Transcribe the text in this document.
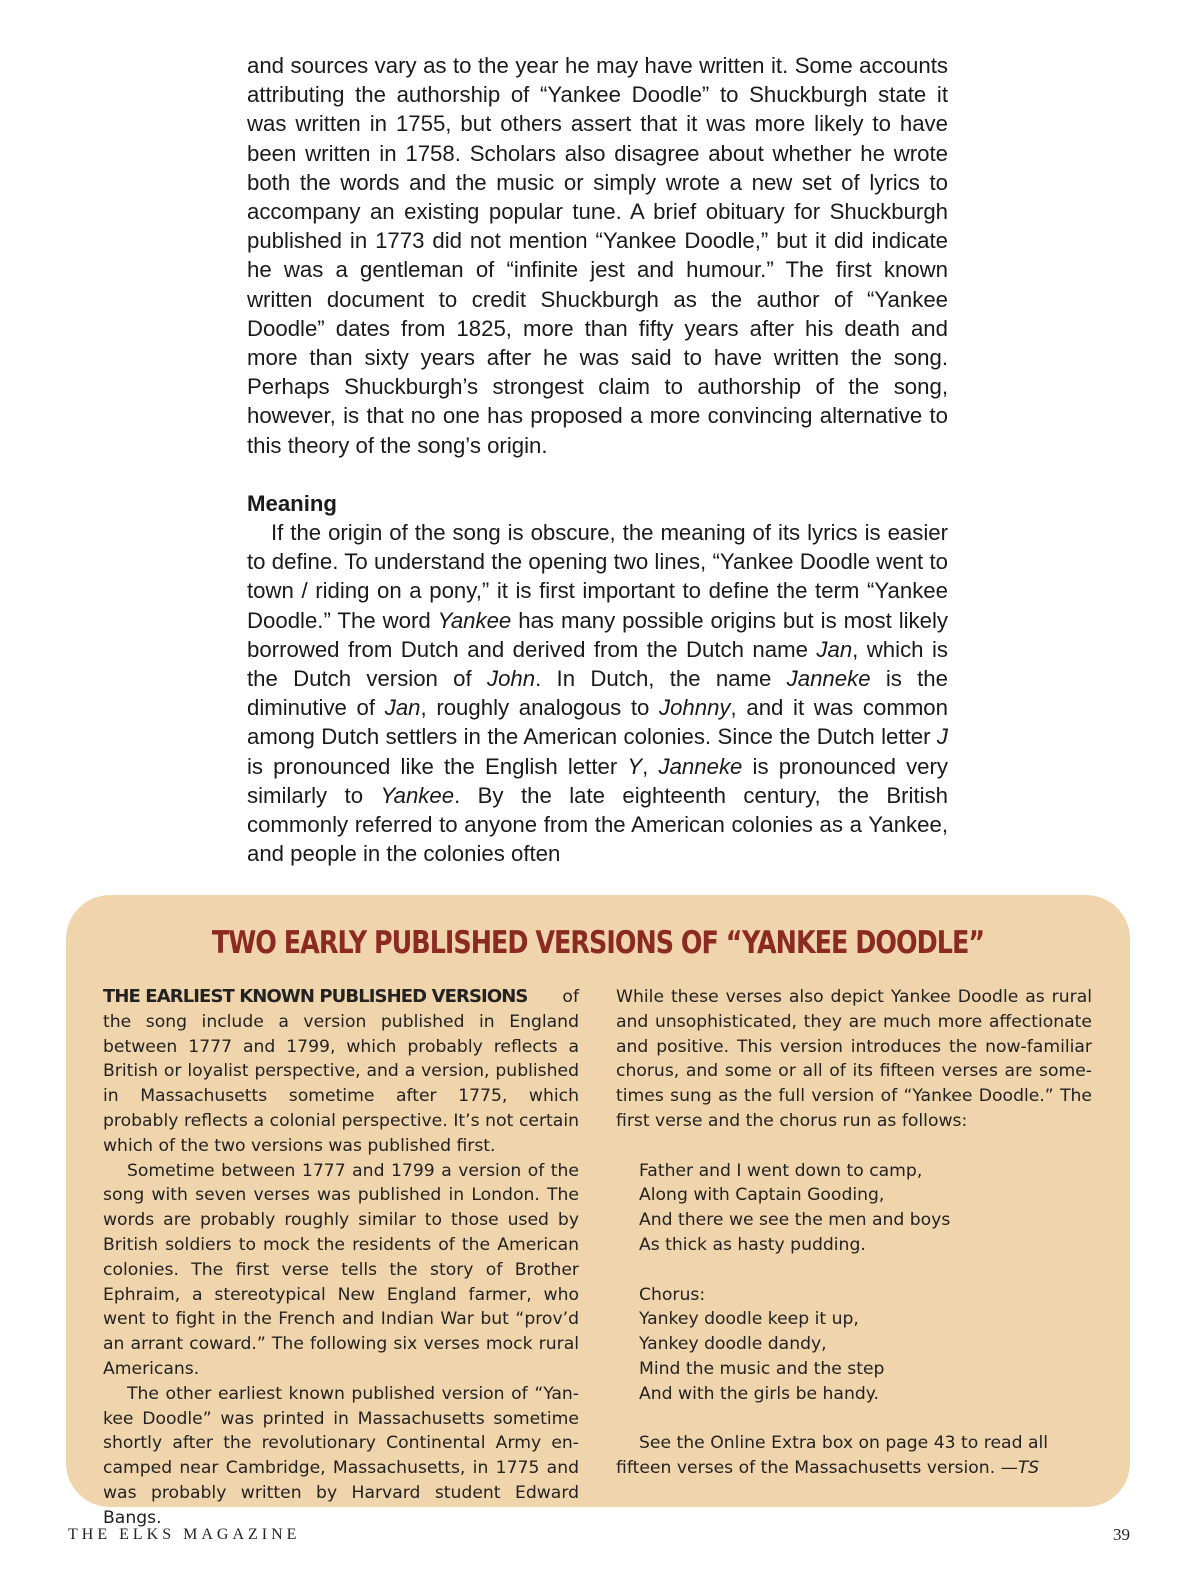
and sources vary as to the year he may have written it. Some accounts attributing the authorship of “Yankee Doodle” to Shuckburgh state it was written in 1755, but others assert that it was more likely to have been written in 1758. Scholars also disagree about whether he wrote both the words and the music or simply wrote a new set of lyrics to accompany an existing popular tune. A brief obituary for Shuckburgh published in 1773 did not mention “Yankee Doodle,” but it did indicate he was a gentleman of “infinite jest and humour.” The first known written document to credit Shuckburgh as the author of “Yankee Doodle” dates from 1825, more than fifty years after his death and more than sixty years after he was said to have written the song. Perhaps Shuckburgh’s strongest claim to authorship of the song, however, is that no one has proposed a more convincing alternative to this theory of the song’s origin.

Meaning

If the origin of the song is obscure, the meaning of its lyrics is easier to define. To understand the opening two lines, “Yankee Doodle went to town / riding on a pony,” it is first important to define the term “Yankee Doodle.” The word Yankee has many possible origins but is most likely borrowed from Dutch and derived from the Dutch name Jan, which is the Dutch version of John. In Dutch, the name Janneke is the diminutive of Jan, roughly analogous to Johnny, and it was common among Dutch settlers in the American colonies. Since the Dutch letter J is pronounced like the English letter Y, Janneke is pronounced very similarly to Yankee. By the late eighteenth century, the British commonly referred to anyone from the American colonies as a Yankee, and people in the colonies often

TWO EARLY PUBLISHED VERSIONS OF “YANKEE DOODLE”

THE EARLIEST KNOWN PUBLISHED VERSIONS of the song include a version published in England between 1777 and 1799, which probably reflects a British or loyalist perspective, and a version, published in Massachusetts sometime after 1775, which probably reflects a colonial perspective. It’s not certain which of the two versions was published first.

Sometime between 1777 and 1799 a version of the song with seven verses was published in London. The words are probably roughly similar to those used by British soldiers to mock the residents of the American colonies. The first verse tells the story of Brother Ephraim, a stereotypical New England farmer, who went to fight in the French and Indian War but “prov’d an arrant coward.” The following six verses mock rural Americans.

The other earliest known published version of “Yankee Doodle” was printed in Massachusetts sometime shortly after the revolutionary Continental Army encamped near Cambridge, Massachusetts, in 1775 and was probably written by Harvard student Edward Bangs.

While these verses also depict Yankee Doodle as rural and unsophisticated, they are much more affectionate and positive. This version introduces the now-familiar chorus, and some or all of its fifteen verses are sometimes sung as the full version of “Yankee Doodle.” The first verse and the chorus run as follows:

Father and I went down to camp,
Along with Captain Gooding,
And there we see the men and boys
As thick as hasty pudding.
Chorus:
Yankey doodle keep it up,
Yankey doodle dandy,
Mind the music and the step
And with the girls be handy.

See the Online Extra box on page 43 to read all fifteen verses of the Massachusetts version. —TS

THE ELKS MAGAZINE	39
